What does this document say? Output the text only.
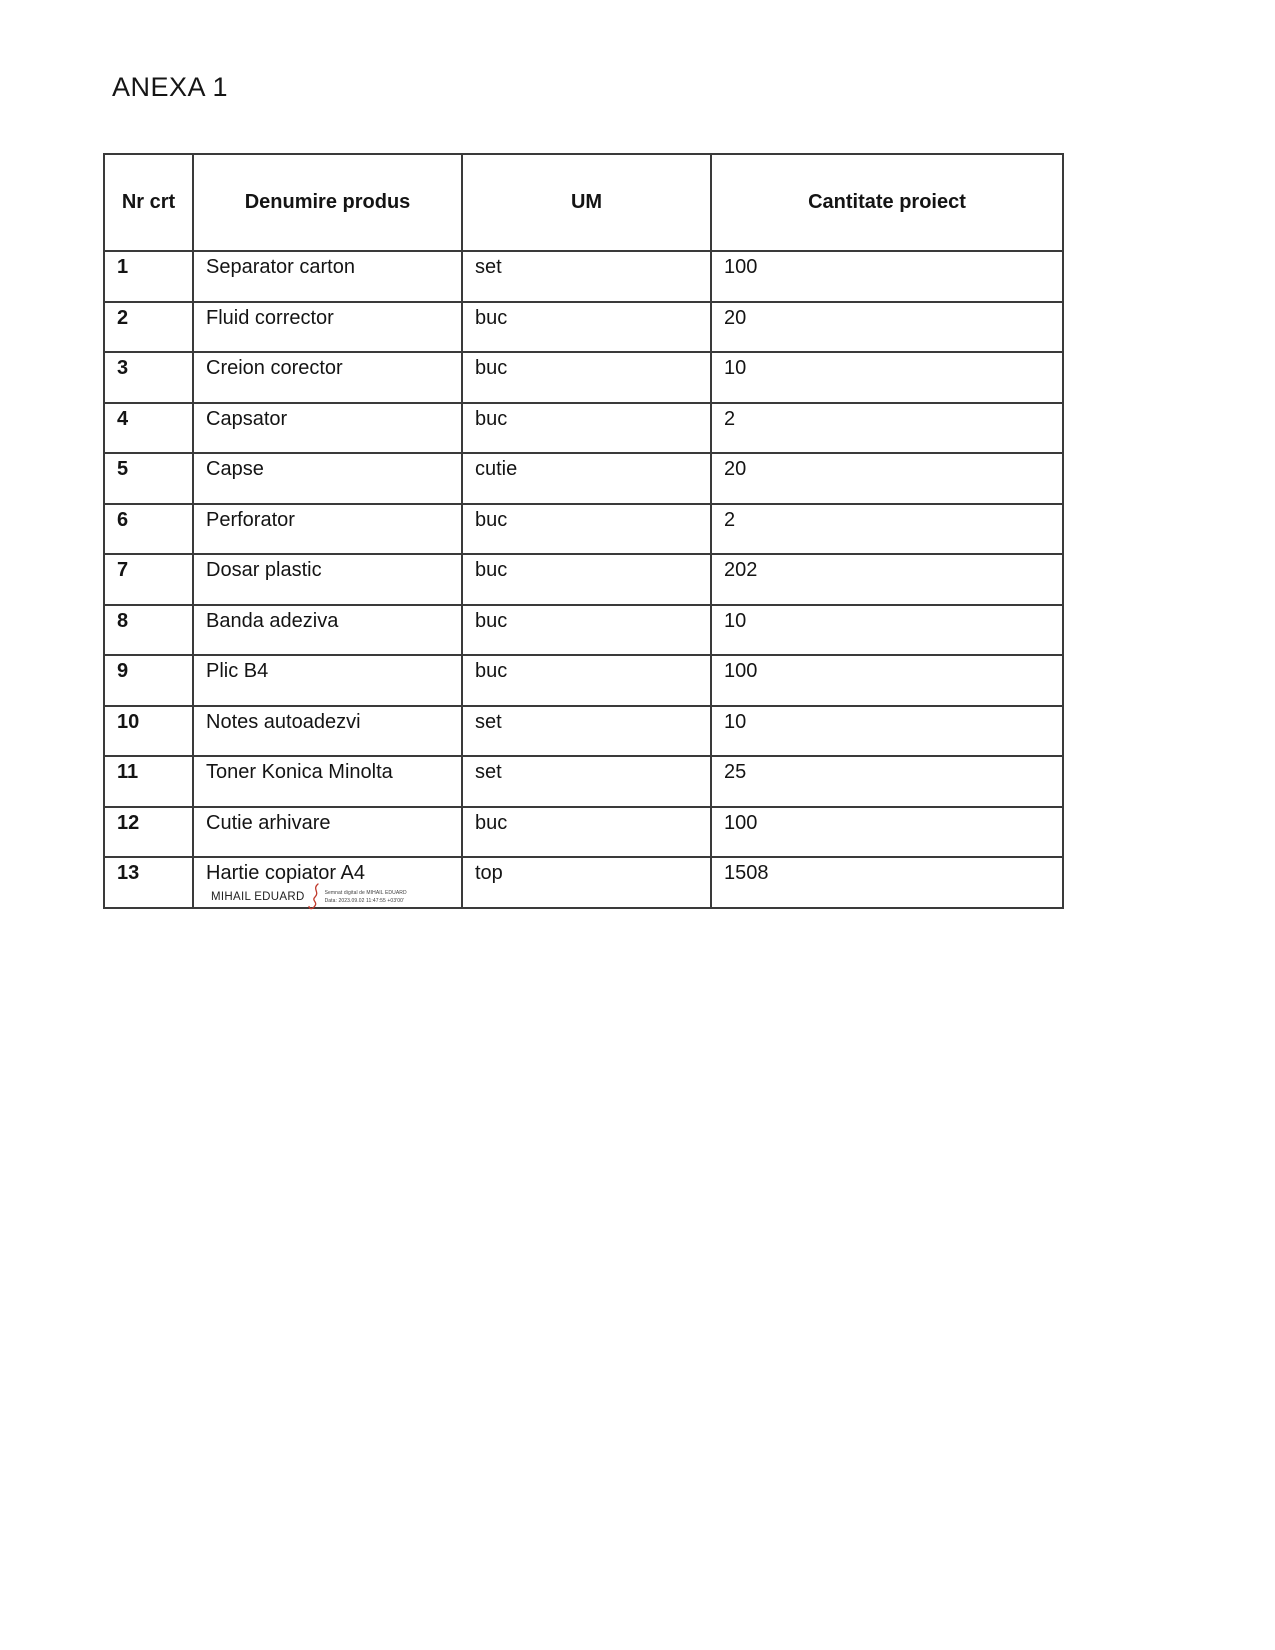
ANEXA 1
Nr crt	Denumire produs	UM	Cantitate proiect
1	Separator carton	set	100
2	Fluid corrector	buc	20
3	Creion corector	buc	10
4	Capsator	buc	2
5	Capse	cutie	20
6	Perforator	buc	2
7	Dosar plastic	buc	202
8	Banda adeziva	buc	10
9	Plic B4	buc	100
10	Notes autoadezvi	set	10
11	Toner Konica Minolta	set	25
12	Cutie arhivare	buc	100
13	Hartie copiator A4	top	1508
MIHAIL EDUARD	Semnat digital de MIHAIL EDUARD
Data: 2023.09.02 11:47:55 +03'00'
